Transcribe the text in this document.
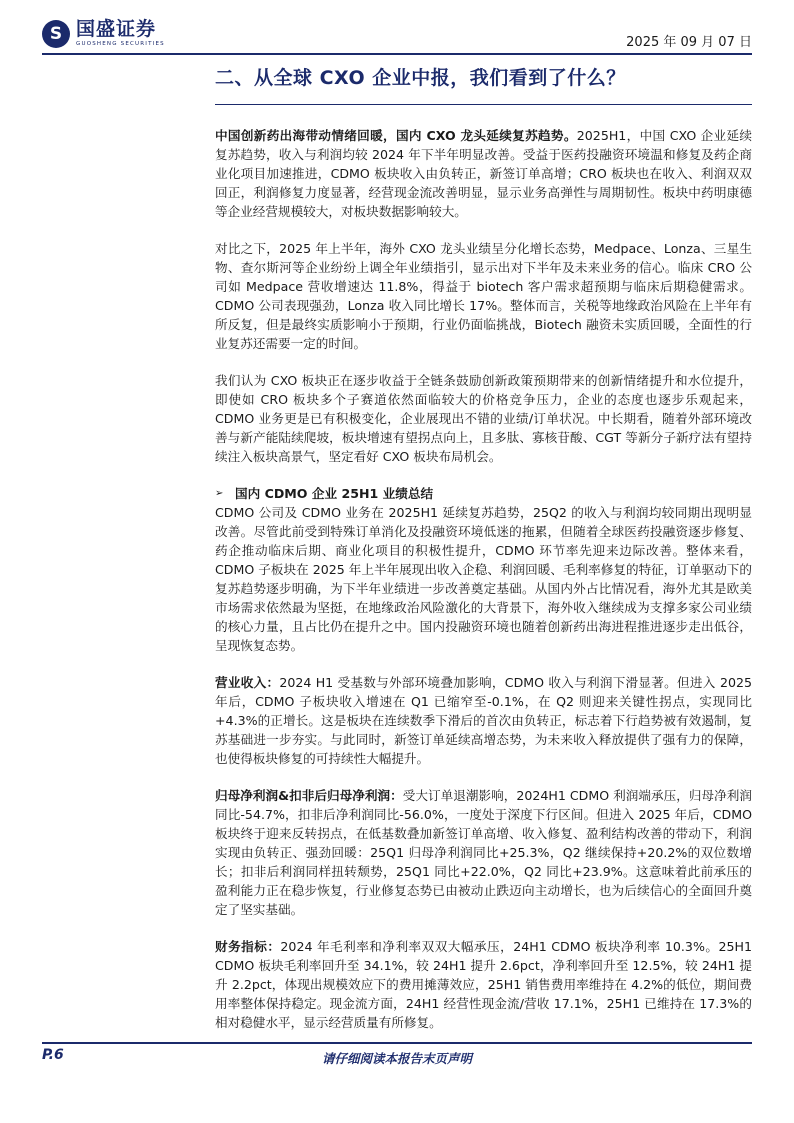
S 国盛证券
GUOSHENG SECURITIES	2025 年 09 月 07 日
二、从全球 CXO 企业中报，我们看到了什么？

中国创新药出海带动情绪回暖，国内 CXO 龙头延续复苏趋势。2025H1，中国 CXO 企业延续复苏趋势，收入与利润均较 2024 年下半年明显改善。受益于医药投融资环境温和修复及药企商业化项目加速推进，CDMO 板块收入由负转正，新签订单高增；CRO 板块也在收入、利润双双回正，利润修复力度显著，经营现金流改善明显，显示业务高弹性与周期韧性。板块中药明康德等企业经营规模较大，对板块数据影响较大。

对比之下，2025 年上半年，海外 CXO 龙头业绩呈分化增长态势，Medpace、Lonza、三星生物、查尔斯河等企业纷纷上调全年业绩指引，显示出对下半年及未来业务的信心。临床 CRO 公司如 Medpace 营收增速达 11.8%，得益于 biotech 客户需求超预期与临床后期稳健需求。CDMO 公司表现强劲，Lonza 收入同比增长 17%。整体而言，关税等地缘政治风险在上半年有所反复，但是最终实质影响小于预期，行业仍面临挑战，Biotech 融资未实质回暖，全面性的行业复苏还需要一定的时间。

我们认为 CXO 板块正在逐步收益于全链条鼓励创新政策预期带来的创新情绪提升和水位提升，即使如 CRO 板块多个子赛道依然面临较大的价格竞争压力，企业的态度也逐步乐观起来，CDMO 业务更是已有积极变化，企业展现出不错的业绩/订单状况。中长期看，随着外部环境改善与新产能陆续爬坡，板块增速有望拐点向上，且多肽、寡核苷酸、CGT 等新分子新疗法有望持续注入板块高景气，坚定看好 CXO 板块布局机会。

➢ 国内 CDMO 企业 25H1 业绩总结

CDMO 公司及 CDMO 业务在 2025H1 延续复苏趋势，25Q2 的收入与利润均较同期出现明显改善。尽管此前受到特殊订单消化及投融资环境低迷的拖累，但随着全球医药投融资逐步修复、药企推动临床后期、商业化项目的积极性提升，CDMO 环节率先迎来边际改善。整体来看，CDMO 子板块在 2025 年上半年展现出收入企稳、利润回暖、毛利率修复的特征，订单驱动下的复苏趋势逐步明确，为下半年业绩进一步改善奠定基础。从国内外占比情况看，海外尤其是欧美市场需求依然最为坚挺，在地缘政治风险激化的大背景下，海外收入继续成为支撑多家公司业绩的核心力量，且占比仍在提升之中。国内投融资环境也随着创新药出海进程推进逐步走出低谷，呈现恢复态势。

营业收入：2024 H1 受基数与外部环境叠加影响，CDMO 收入与利润下滑显著。但进入 2025 年后，CDMO 子板块收入增速在 Q1 已缩窄至-0.1%，在 Q2 则迎来关键性拐点，实现同比+4.3%的正增长。这是板块在连续数季下滑后的首次由负转正，标志着下行趋势被有效遏制，复苏基础进一步夯实。与此同时，新签订单延续高增态势，为未来收入释放提供了强有力的保障，也使得板块修复的可持续性大幅提升。

归母净利润&扣非后归母净利润：受大订单退潮影响，2024H1 CDMO 利润端承压，归母净利润同比-54.7%，扣非后净利润同比-56.0%，一度处于深度下行区间。但进入 2025 年后，CDMO 板块终于迎来反转拐点，在低基数叠加新签订单高增、收入修复、盈利结构改善的带动下，利润实现由负转正、强劲回暖：25Q1 归母净利润同比+25.3%，Q2 继续保持+20.2%的双位数增长；扣非后利润同样扭转颓势，25Q1 同比+22.0%，Q2 同比+23.9%。这意味着此前承压的盈利能力正在稳步恢复，行业修复态势已由被动止跌迈向主动增长，也为后续信心的全面回升奠定了坚实基础。

财务指标：2024 年毛利率和净利率双双大幅承压，24H1 CDMO 板块净利率 10.3%。25H1 CDMO 板块毛利率回升至 34.1%，较 24H1 提升 2.6pct，净利率回升至 12.5%，较 24H1 提升 2.2pct，体现出规模效应下的费用摊薄效应，25H1 销售费用率维持在 4.2%的低位，期间费用率整体保持稳定。现金流方面，24H1 经营性现金流/营收 17.1%，25H1 已维持在 17.3%的相对稳健水平，显示经营质量有所修复。

P.6	请仔细阅读本报告末页声明
